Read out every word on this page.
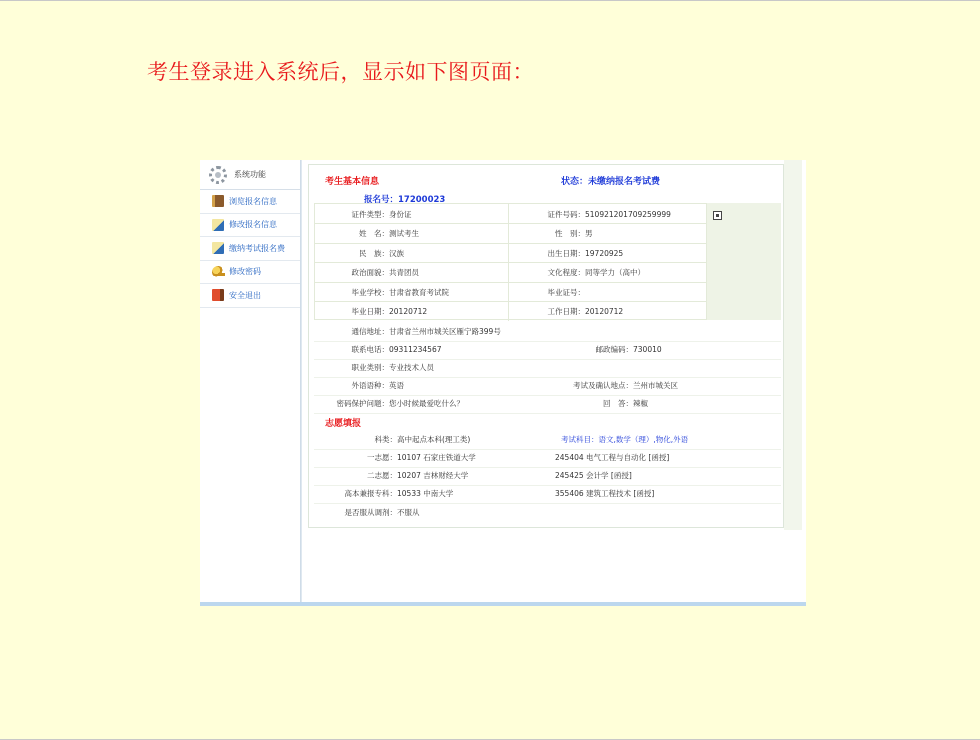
考生登录进入系统后，显示如下图页面：
系统功能
浏览报名信息
修改报名信息
缴纳考试报名费
修改密码
安全退出
考生基本信息	状态：未缴纳报名考试费
报名号：17200023
证件类型：身份证	证件号码：510921201709259999
姓　名：测试考生	性　别：男
民　族：汉族	出生日期：19720925
政治面貌：共青团员	文化程度：同等学力（高中）
毕业学校：甘肃省教育考试院	毕业证号：
毕业日期：20120712	工作日期：20120712
通信地址：甘肃省兰州市城关区雁宁路399号
联系电话：09311234567	邮政编码：730010
职业类别：专业技术人员
外语语种：英语	考试及确认地点：兰州市城关区
密码保护问题：您小时候最爱吃什么？	回　答：辣椒
志愿填报
科类：高中起点本科(理工类)	考试科目：语文,数学（理）,物化,外语
一志愿：10107 石家庄铁道大学	245404 电气工程与自动化 [函授]
二志愿：10207 吉林财经大学	245425 会计学 [函授]
高本兼报专科：10533 中南大学	355406 建筑工程技术 [函授]
是否服从调剂：不服从
